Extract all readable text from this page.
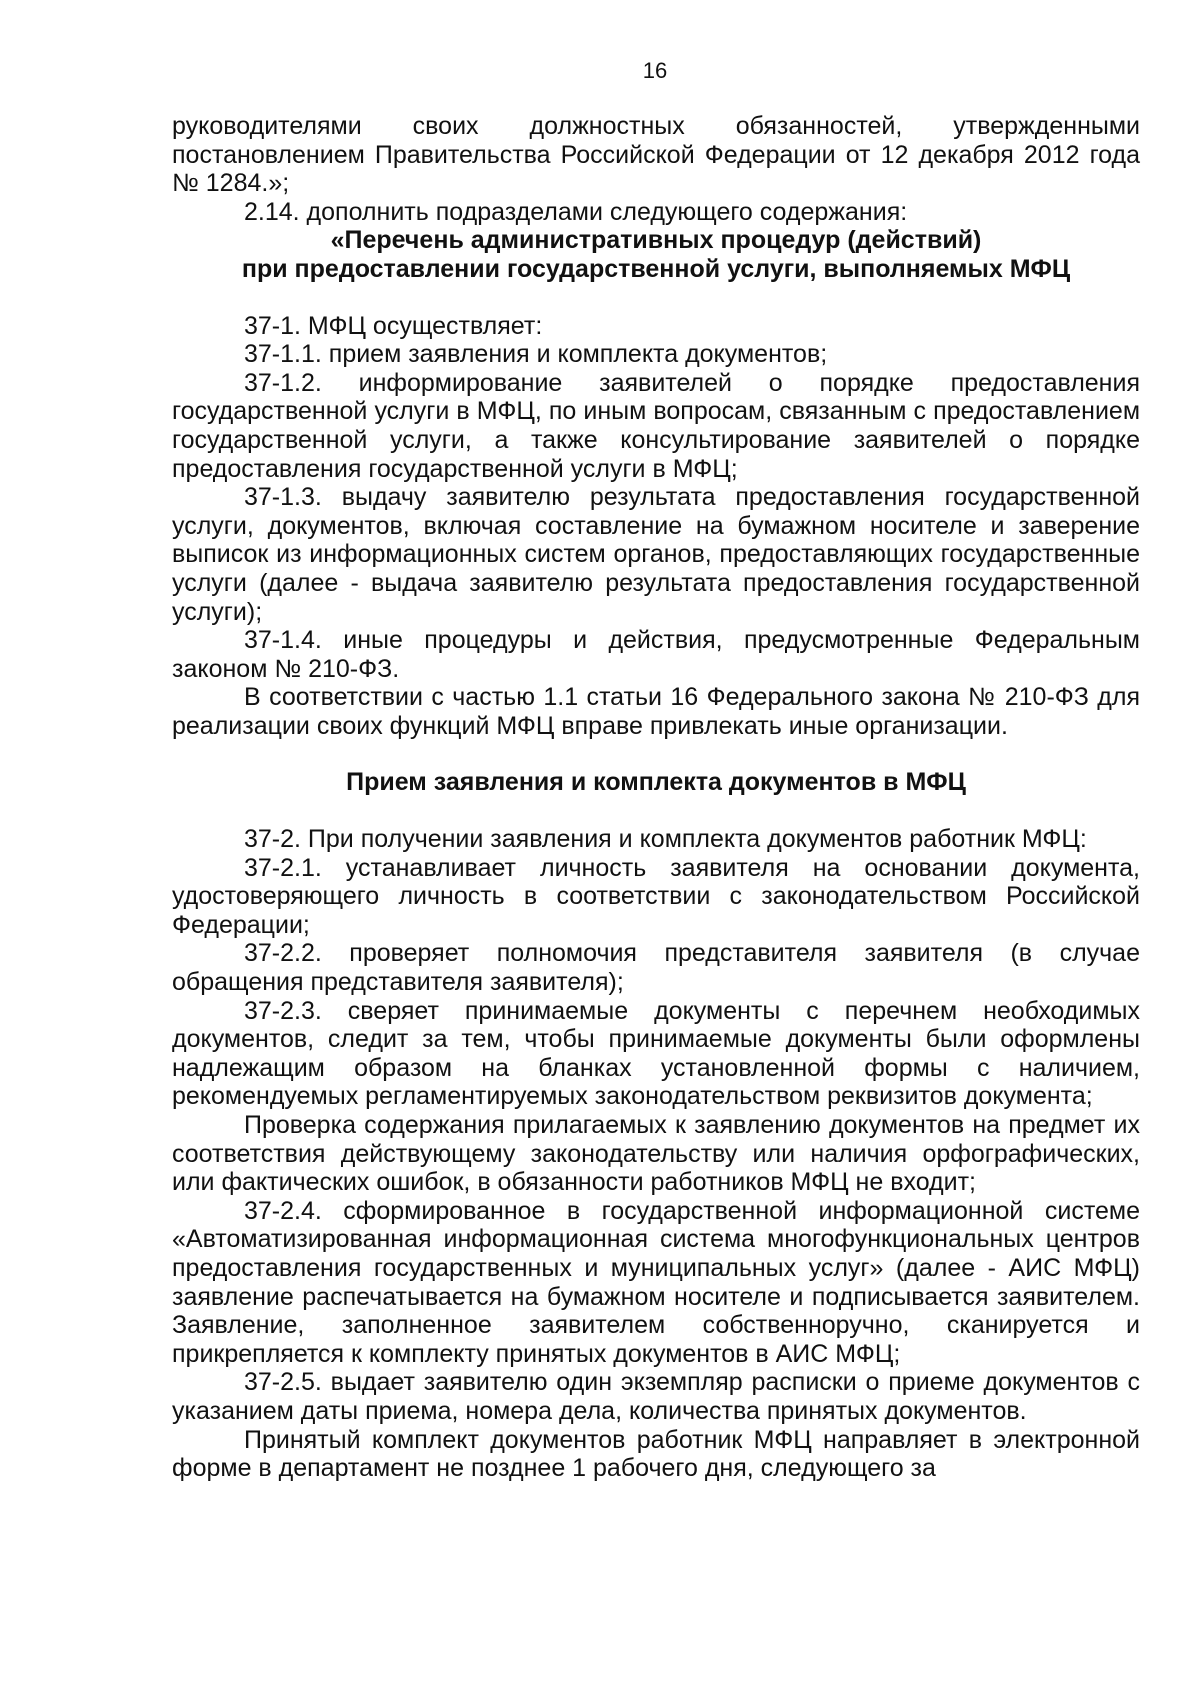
16

руководителями своих должностных обязанностей, утвержденными постановлением Правительства Российской Федерации от 12 декабря 2012 года № 1284.»;

2.14. дополнить подразделами следующего содержания:

«Перечень административных процедур (действий)

при предоставлении государственной услуги, выполняемых МФЦ

37-1. МФЦ осуществляет:

37-1.1. прием заявления и комплекта документов;

37-1.2. информирование заявителей о порядке предоставления государственной услуги в МФЦ, по иным вопросам, связанным с предоставлением государственной услуги, а также консультирование заявителей о порядке предоставления государственной услуги в МФЦ;

37-1.3. выдачу заявителю результата предоставления государственной услуги, документов, включая составление на бумажном носителе и заверение выписок из информационных систем органов, предоставляющих государственные услуги (далее - выдача заявителю результата предоставления государственной услуги);

37-1.4. иные процедуры и действия, предусмотренные Федеральным законом № 210-ФЗ.

В соответствии с частью 1.1 статьи 16 Федерального закона № 210-ФЗ для реализации своих функций МФЦ вправе привлекать иные организации.

Прием заявления и комплекта документов в МФЦ

37-2. При получении заявления и комплекта документов работник МФЦ:

37-2.1. устанавливает личность заявителя на основании документа, удостоверяющего личность в соответствии с законодательством Российской Федерации;

37-2.2. проверяет полномочия представителя заявителя (в случае обращения представителя заявителя);

37-2.3. сверяет принимаемые документы с перечнем необходимых документов, следит за тем, чтобы принимаемые документы были оформлены надлежащим образом на бланках установленной формы с наличием, рекомендуемых регламентируемых законодательством реквизитов документа;

Проверка содержания прилагаемых к заявлению документов на предмет их соответствия действующему законодательству или наличия орфографических, или фактических ошибок, в обязанности работников МФЦ не входит;

37-2.4. сформированное в государственной информационной системе «Автоматизированная информационная система многофункциональных центров предоставления государственных и муниципальных услуг» (далее - АИС МФЦ) заявление распечатывается на бумажном носителе и подписывается заявителем. Заявление, заполненное заявителем собственноручно, сканируется и прикрепляется к комплекту принятых документов в АИС МФЦ;

37-2.5. выдает заявителю один экземпляр расписки о приеме документов с указанием даты приема, номера дела, количества принятых документов.

Принятый комплект документов работник МФЦ направляет в электронной форме в департамент не позднее 1 рабочего дня, следующего за
